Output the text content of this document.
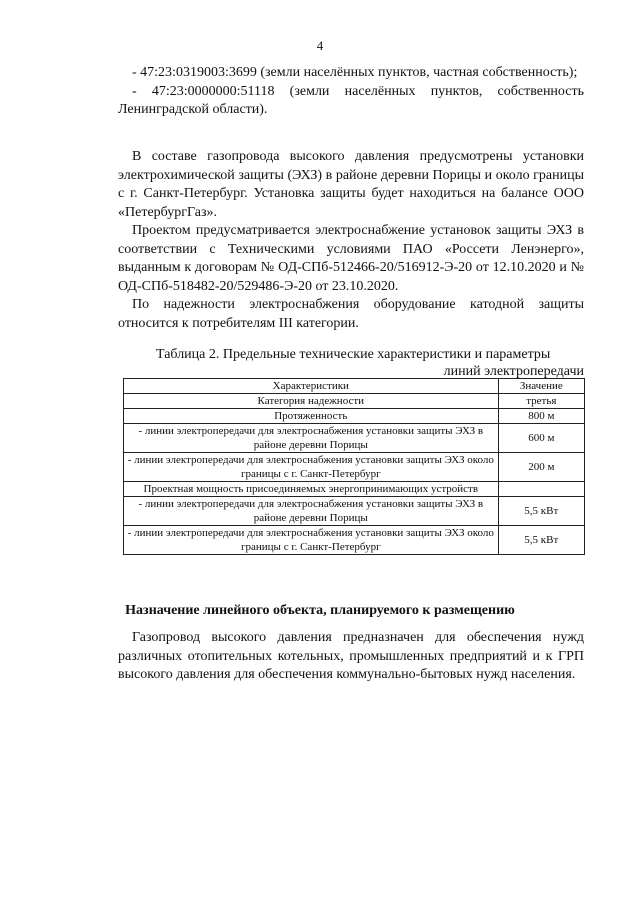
4

- 47:23:0319003:3699 (земли населённых пунктов, частная собственность);

- 47:23:0000000:51118 (земли населённых пунктов, собственность Ленинградской области).

В составе газопровода высокого давления предусмотрены установки электрохимической защиты (ЭХЗ) в районе деревни Порицы и около границы с г. Санкт-Петербург. Установка защиты будет находиться на балансе ООО «ПетербургГаз».

Проектом предусматривается электроснабжение установок защиты ЭХЗ в соответствии с Техническими условиями ПАО «Россети Ленэнерго», выданным к договорам № ОД-СПб-512466-20/516912-Э-20 от 12.10.2020 и № ОД-СПб-518482-20/529486-Э-20 от 23.10.2020.

По надежности электроснабжения оборудование катодной защиты относится к потребителям III категории.

Таблица 2. Предельные технические характеристики и параметры
линий электропередачи
Характеристики	Значение
Категория надежности	третья
Протяженность	800 м
- линии электропередачи для электроснабжения установки защиты ЭХЗ в районе деревни Порицы	600 м
- линии электропередачи для электроснабжения установки защиты ЭХЗ около границы с г. Санкт-Петербург	200 м
Проектная мощность присоединяемых энергопринимающих устройств	
- линии электропередачи для электроснабжения установки защиты ЭХЗ в районе деревни Порицы	5,5 кВт
- линии электропередачи для электроснабжения установки защиты ЭХЗ около границы с г. Санкт-Петербург	5,5 кВт
Назначение линейного объекта, планируемого к размещению

Газопровод высокого давления предназначен для обеспечения нужд различных отопительных котельных, промышленных предприятий и к ГРП высокого давления для обеспечения коммунально-бытовых нужд населения.
